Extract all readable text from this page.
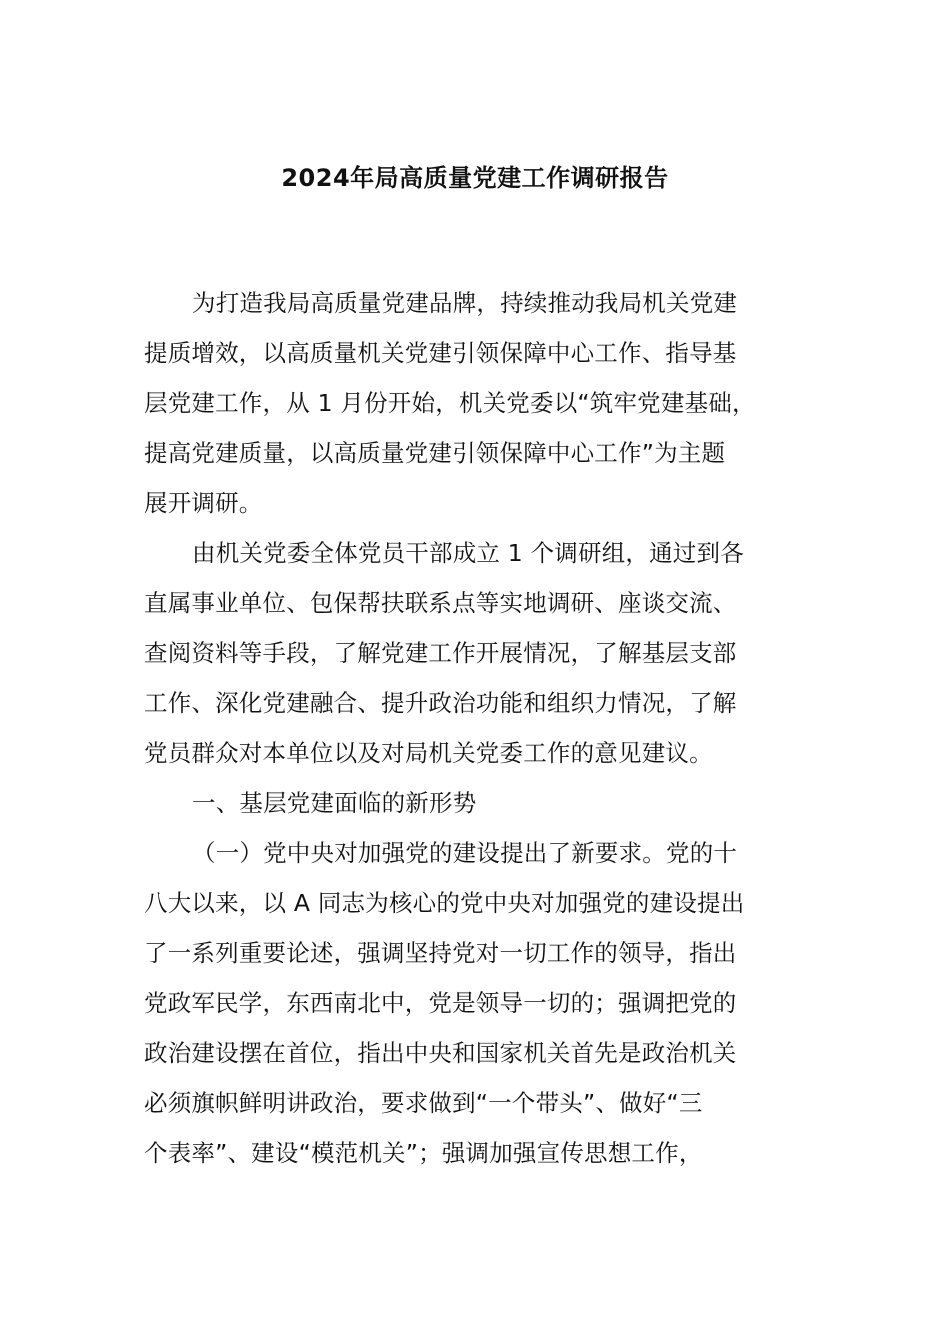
2024年局高质量党建工作调研报告
为打造我局高质量党建品牌，持续推动我局机关党建
提质增效，以高质量机关党建引领保障中心工作、指导基
层党建工作，从 1 月份开始，机关党委以“筑牢党建基础，
提高党建质量，以高质量党建引领保障中心工作”为主题
展开调研。
由机关党委全体党员干部成立 1 个调研组，通过到各
直属事业单位、包保帮扶联系点等实地调研、座谈交流、
查阅资料等手段，了解党建工作开展情况，了解基层支部
工作、深化党建融合、提升政治功能和组织力情况，了解
党员群众对本单位以及对局机关党委工作的意见建议。
一、基层党建面临的新形势
（一）党中央对加强党的建设提出了新要求。党的十
八大以来，以 A 同志为核心的党中央对加强党的建设提出
了一系列重要论述，强调坚持党对一切工作的领导，指出
党政军民学，东西南北中，党是领导一切的；强调把党的
政治建设摆在首位，指出中央和国家机关首先是政治机关
必须旗帜鲜明讲政治，要求做到“一个带头”、做好“三
个表率”、建设“模范机关”；强调加强宣传思想工作，
